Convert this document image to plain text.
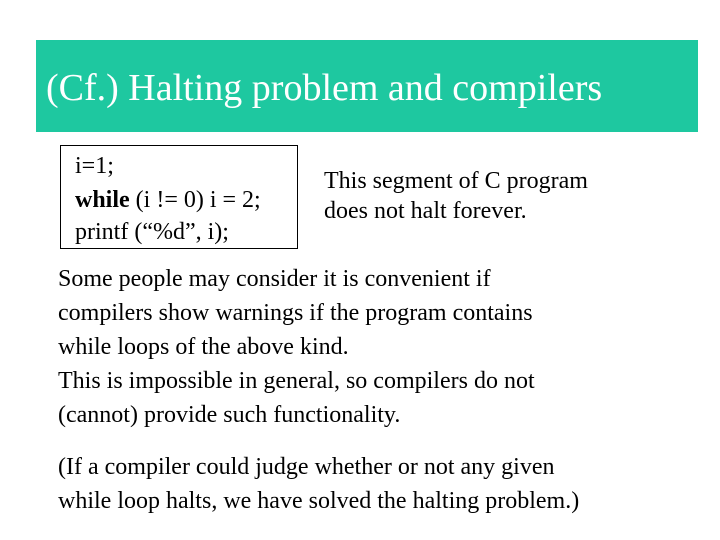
(Cf.) Halting problem and compilers
i=1;
while (i != 0) i = 2;
printf (“%d”, i);
This segment of C program
does not halt forever.
Some people may consider it is convenient if
compilers show warnings if the program contains
while loops of the above kind.
This is impossible in general, so compilers do not
(cannot) provide such functionality.
(If a compiler could judge whether or not any given
while loop halts, we have solved the halting problem.)
